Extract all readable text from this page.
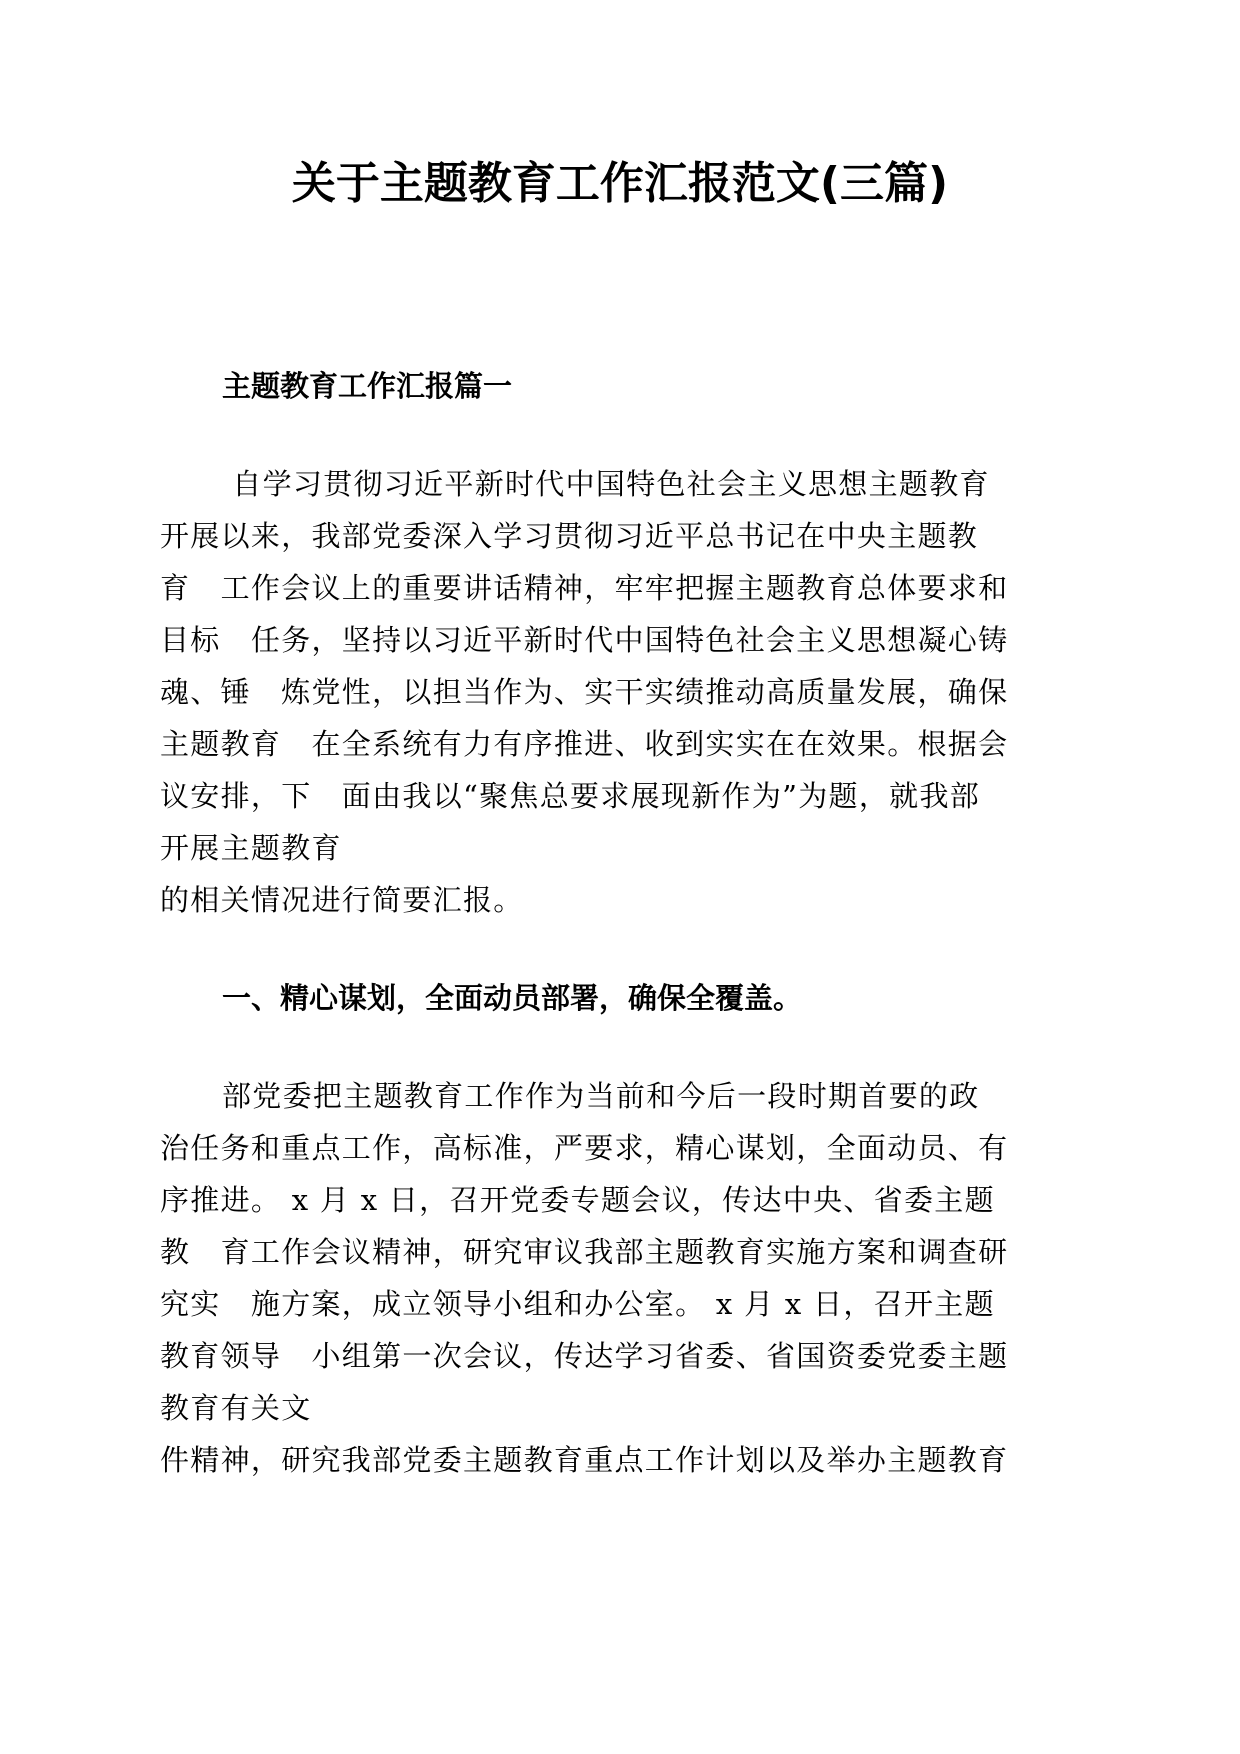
关于主题教育工作汇报范文(三篇)
主题教育工作汇报篇一
　自学习贯彻习近平新时代中国特色社会主义思想主题教育
开展以来，我部党委深入学习贯彻习近平总书记在中央主题教
育　工作会议上的重要讲话精神，牢牢把握主题教育总体要求和
目标　任务，坚持以习近平新时代中国特色社会主义思想凝心铸
魂、锤　炼党性，以担当作为、实干实绩推动高质量发展，确保
主题教育　在全系统有力有序推进、收到实实在在效果。根据会
议安排，下　面由我以“聚焦总要求展现新作为”为题，就我部
开展主题教育
的相关情况进行简要汇报。
一、精心谋划，全面动员部署，确保全覆盖。
部党委把主题教育工作作为当前和今后一段时期首要的政
治任务和重点工作，高标准，严要求，精心谋划，全面动员、有
序推进。 x 月 x 日，召开党委专题会议，传达中央、省委主题
教　育工作会议精神，研究审议我部主题教育实施方案和调查研
究实　施方案，成立领导小组和办公室。 x 月 x 日，召开主题
教育领导　小组第一次会议，传达学习省委、省国资委党委主题
教育有关文
件精神，研究我部党委主题教育重点工作计划以及举办主题教育
